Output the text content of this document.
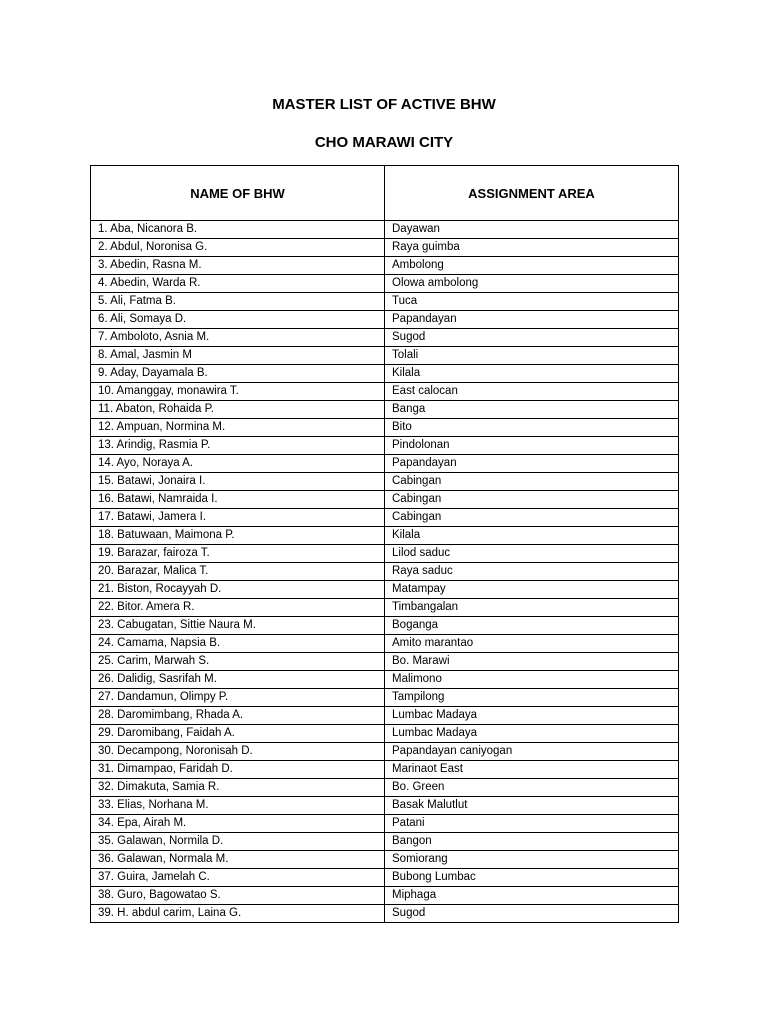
MASTER LIST OF ACTIVE BHW
CHO MARAWI CITY
NAME OF BHW	ASSIGNMENT AREA
1. Aba, Nicanora B.	Dayawan
2. Abdul, Noronisa G.	Raya guimba
3. Abedin, Rasna M.	Ambolong
4. Abedin, Warda R.	Olowa ambolong
5. Ali, Fatma B.	Tuca
6. Ali, Somaya D.	Papandayan
7. Amboloto, Asnia M.	Sugod
8. Amal, Jasmin M	Tolali
9. Aday, Dayamala B.	Kilala
10. Amanggay, monawira T.	East calocan
11. Abaton, Rohaida P.	Banga
12. Ampuan, Normina M.	Bito
13. Arindig, Rasmia P.	Pindolonan
14. Ayo, Noraya A.	Papandayan
15. Batawi, Jonaira I.	Cabingan
16. Batawi, Namraida I.	Cabingan
17. Batawi, Jamera I.	Cabingan
18. Batuwaan, Maimona P.	Kilala
19. Barazar, fairoza T.	Lilod saduc
20. Barazar, Malica T.	Raya saduc
21. Biston, Rocayyah D.	Matampay
22. Bitor. Amera R.	Timbangalan
23. Cabugatan, Sittie Naura M.	Boganga
24. Camama, Napsia B.	Amito marantao
25. Carim, Marwah S.	Bo. Marawi
26. Dalidig, Sasrifah M.	Malimono
27. Dandamun, Olimpy P.	Tampilong
28. Daromimbang, Rhada A.	Lumbac Madaya
29. Daromibang, Faidah A.	Lumbac Madaya
30. Decampong, Noronisah D.	Papandayan caniyogan
31. Dimampao, Faridah D.	Marinaot East
32. Dimakuta, Samia R.	Bo. Green
33. Elias, Norhana M.	Basak Malutlut
34. Epa, Airah M.	Patani
35. Galawan, Normila D.	Bangon
36. Galawan, Normala M.	Somiorang
37. Guira, Jamelah C.	Bubong Lumbac
38. Guro, Bagowatao S.	Miphaga
39. H. abdul carim, Laina G.	Sugod
